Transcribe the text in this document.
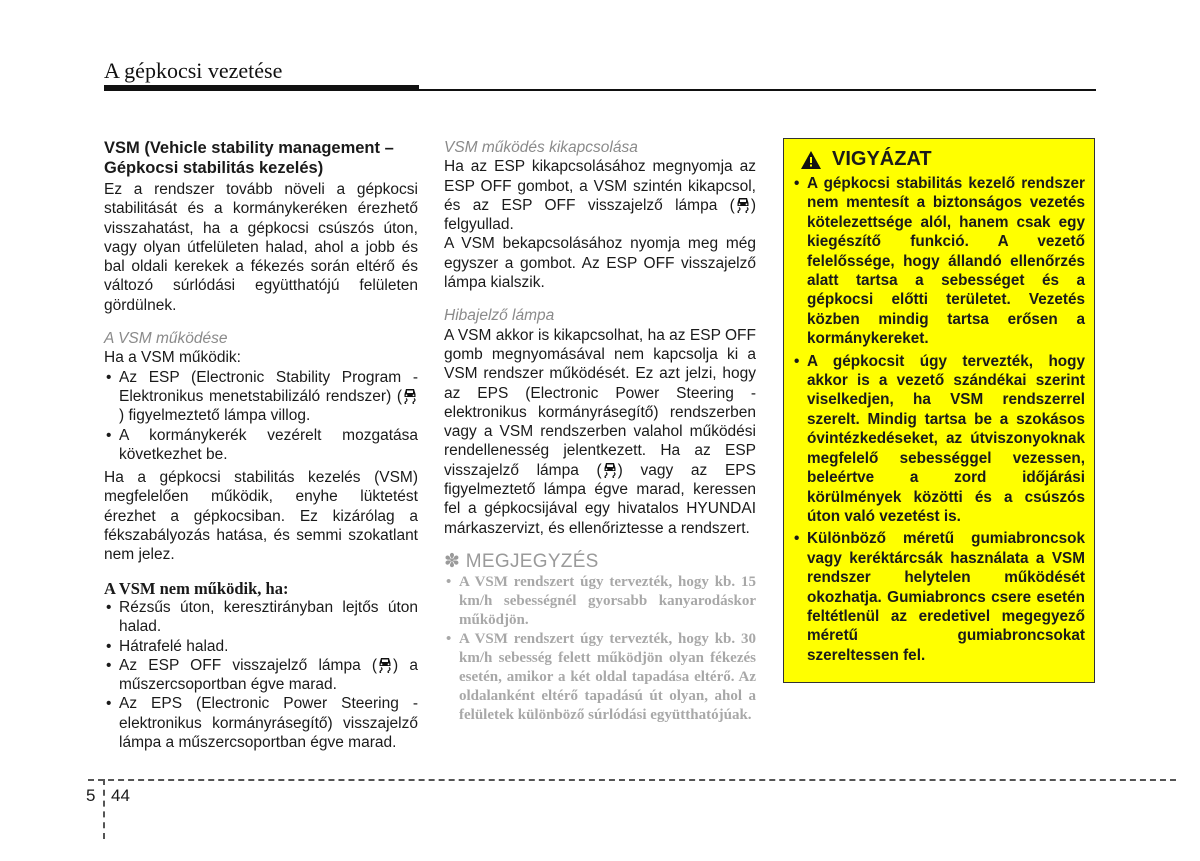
A gépkocsi vezetése

VSM (Vehicle stability management – Gépkocsi stabilitás kezelés)

Ez a rendszer tovább növeli a gépkocsi stabilitását és a kormánykeréken érezhető visszahatást, ha a gépkocsi csúszós úton, vagy olyan útfelületen halad, ahol a jobb és bal oldali kerekek a fékezés során eltérő és változó súrlódási együtthatójú felületen gördülnek.

A VSM működése

Ha a VSM működik:

• Az ESP (Electronic Stability Program - Elektronikus menetstabilizáló rendszer) () figyelmeztető lámpa villog.
• A kormánykerék vezérelt mozgatása következhet be.

Ha a gépkocsi stabilitás kezelés (VSM) megfelelően működik, enyhe lüktetést érezhet a gépkocsiban. Ez kizárólag a fékszabályozás hatása, és semmi szokatlant nem jelez.

A VSM nem működik, ha:

• Rézsűs úton, keresztirányban lejtős úton halad.
• Hátrafelé halad.
• Az ESP OFF visszajelző lámpa ( ) a műszercsoportban égve marad.
• Az EPS (Electronic Power Steering - elektronikus kormányrásegítő) visszajelző lámpa a műszercsoportban égve marad.

VSM működés kikapcsolása

Ha az ESP kikapcsolásához megnyomja az ESP OFF gombot, a VSM szintén kikapcsol, és az ESP OFF visszajelző lámpa ( ) felgyullad.

A VSM bekapcsolásához nyomja meg még egyszer a gombot. Az ESP OFF visszajelző lámpa kialszik.

Hibajelző lámpa

A VSM akkor is kikapcsolhat, ha az ESP OFF gomb megnyomásával nem kapcsolja ki a VSM rendszer működését. Ez azt jelzi, hogy az EPS (Electronic Power Steering - elektronikus kormányrásegítő) rendszerben vagy a VSM rendszerben valahol működési rendellenesség jelentkezett. Ha az ESP visszajelző lámpa ( ) vagy az EPS figyelmeztető lámpa égve marad, keressen fel a gépkocsijával egy hivatalos HYUNDAI márkaszervizt, és ellenőriztesse a rendszert.

✽ MEGJEGYZÉS

• A VSM rendszert úgy tervezték, hogy kb. 15 km/h sebességnél gyorsabb kanyarodáskor működjön.
• A VSM rendszert úgy tervezték, hogy kb. 30 km/h sebesség felett működjön olyan fékezés esetén, amikor a két oldal tapadása eltérő. Az oldalanként eltérő tapadású út olyan, ahol a felületek különböző súrlódási együtthatójúak.
VIGYÁZAT
• A gépkocsi stabilitás kezelő rendszer nem mentesít a biztonságos vezetés kötelezettsége alól, hanem csak egy kiegészítő funkció. A vezető felelőssége, hogy állandó ellenőrzés alatt tartsa a sebességet és a gépkocsi előtti területet. Vezetés közben mindig tartsa erősen a kormánykereket.
• A gépkocsit úgy tervezték, hogy akkor is a vezető szándékai szerint viselkedjen, ha VSM rendszerrel szerelt. Mindig tartsa be a szokásos óvintézkedéseket, az útviszonyoknak megfelelő sebességgel vezessen, beleértve a zord időjárási körülmények közötti és a csúszós úton való vezetést is.
• Különböző méretű gumiabroncsok vagy keréktárcsák használata a VSM rendszer helytelen működését okozhatja. Gumiabroncs csere esetén feltétlenül az eredetivel megegyező méretű gumiabroncsokat szereltessen fel.
5 44
